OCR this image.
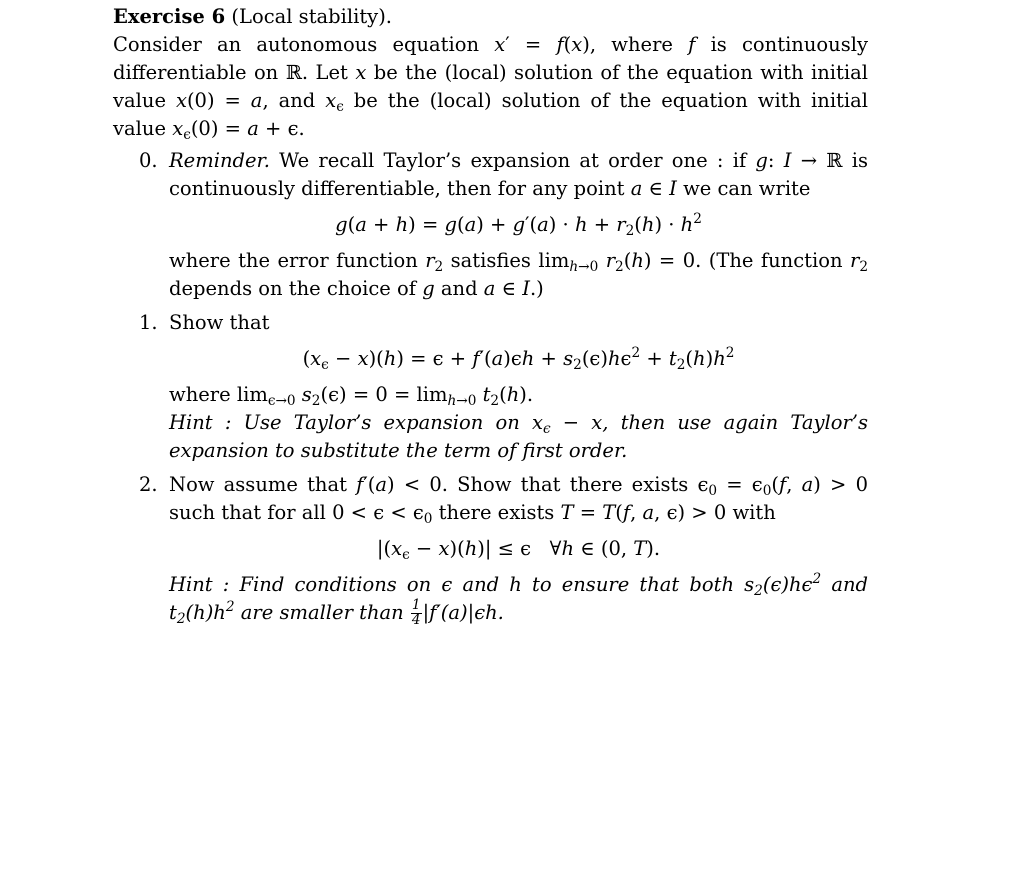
Exercise 6 (Local stability).

Consider an autonomous equation x′ = f(x), where f is continuously differentiable on ℝ. Let x be the (local) solution of the equation with initial value x(0) = a, and $x_\epsilon$ be the (local) solution of the equation with initial value $x_\epsilon(0) = a + \epsilon$.

0. Reminder. We recall Taylor’s expansion at order one : if g: I → ℝ is continuously differentiable, then for any point a ∈ I we can write
$g(a + h) = g(a) + g'(a) \cdot h + r_2(h) \cdot h^2$
where the error function $r_2$ satisfies $\lim_{h\to 0} r_2(h) = 0$. (The function $r_2$ depends on the choice of g and a ∈ I.)
1. Show that
$(x_\epsilon - x)(h) = \epsilon + f'(a)\epsilon h + s_2(\epsilon)h\epsilon^2 + t_2(h)h^2$
where $\lim_{\epsilon\to 0} s_2(\epsilon) = 0 = \lim_{h\to 0} t_2(h)$.
Hint : Use Taylor’s expansion on $x_\epsilon - x$, then use again Taylor’s expansion to substitute the term of first order.
2. Now assume that f′(a) < 0. Show that there exists $\epsilon_0 = \epsilon_0(f$, a) > 0 such that for all $0 < \epsilon < \epsilon_0$ there exists T = T(f, a, ϵ) > 0 with
$|(x_\epsilon - x)(h)| \le \epsilon$   ∀h ∈ (0, T).
Hint : Find conditions on ϵ and h to ensure that both $s_2(\epsilon)h\epsilon^2$ and $t_2(h)h^2$ are smaller than $\frac{1}{4} |f'(a)|\epsilon h$.
